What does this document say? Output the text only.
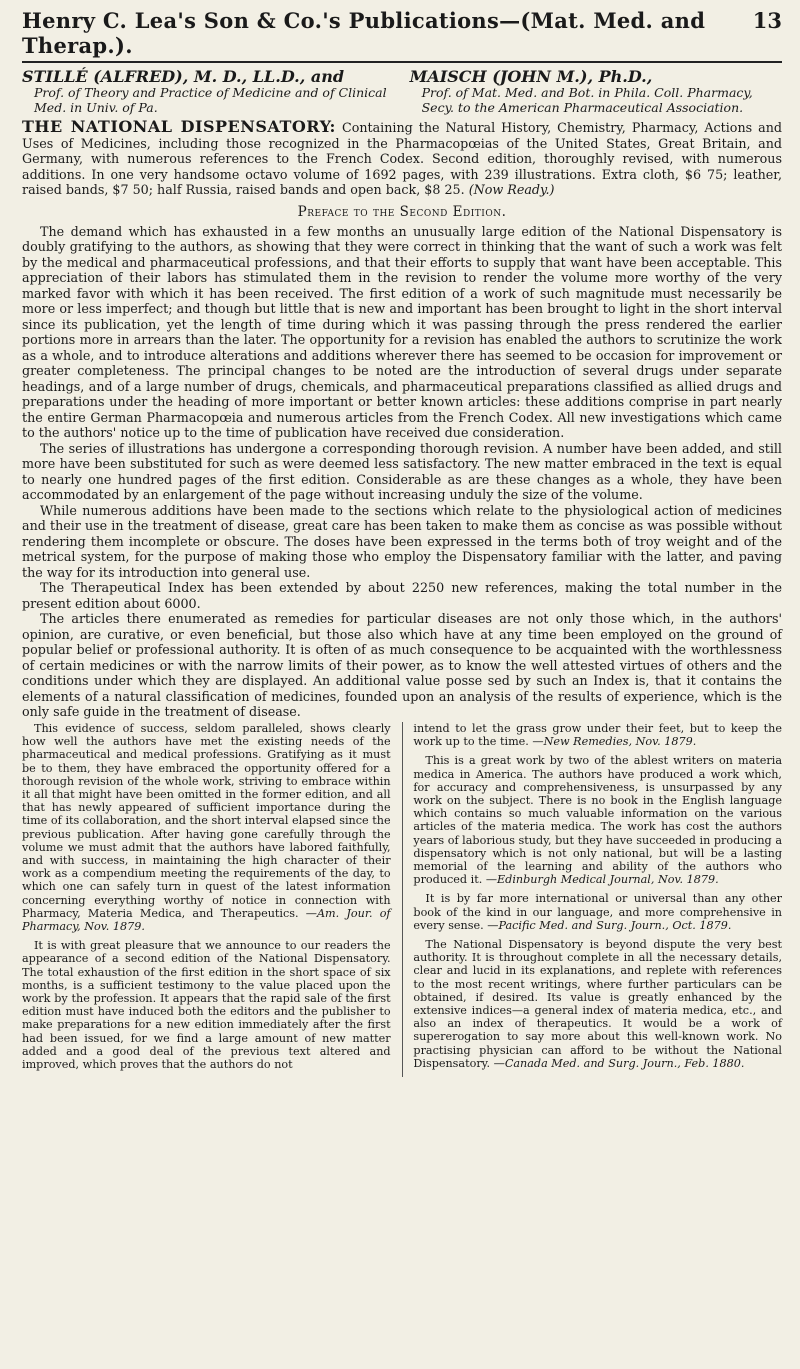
Henry C. Lea's Son & Co.'s Publications—(Mat. Med. and Therap.).
13
STILLÉ (ALFRED), M. D., LL.D., and
Prof. of Theory and Practice of Medicine and of Clinical Med. in Univ. of Pa.
MAISCH (JOHN M.), Ph.D.,
Prof. of Mat. Med. and Bot. in Phila. Coll. Pharmacy, Secy. to the American Pharmaceutical Association.

THE NATIONAL DISPENSATORY: Containing the Natural History, Chemistry, Pharmacy, Actions and Uses of Medicines, including those recognized in the Pharmacopœias of the United States, Great Britain, and Germany, with numerous references to the French Codex. Second edition, thoroughly revised, with numerous additions. In one very handsome octavo volume of 1692 pages, with 239 illustrations. Extra cloth, $6 75; leather, raised bands, $7 50; half Russia, raised bands and open back, $8 25. (Now Ready.)

Preface to the Second Edition.

The demand which has exhausted in a few months an unusually large edition of the National Dispensatory is doubly gratifying to the authors, as showing that they were correct in thinking that the want of such a work was felt by the medical and pharmaceutical professions, and that their efforts to supply that want have been acceptable. This appreciation of their labors has stimulated them in the revision to render the volume more worthy of the very marked favor with which it has been received. The first edition of a work of such magnitude must necessarily be more or less imperfect; and though but little that is new and important has been brought to light in the short interval since its publication, yet the length of time during which it was passing through the press rendered the earlier portions more in arrears than the later. The opportunity for a revision has enabled the authors to scrutinize the work as a whole, and to introduce alterations and additions wherever there has seemed to be occasion for improvement or greater completeness. The principal changes to be noted are the introduction of several drugs under separate headings, and of a large number of drugs, chemicals, and pharmaceutical preparations classified as allied drugs and preparations under the heading of more important or better known articles: these additions comprise in part nearly the entire German Pharmacopœia and numerous articles from the French Codex. All new investigations which came to the authors' notice up to the time of publication have received due consideration.

The series of illustrations has undergone a corresponding thorough revision. A number have been added, and still more have been substituted for such as were deemed less satisfactory. The new matter embraced in the text is equal to nearly one hundred pages of the first edition. Considerable as are these changes as a whole, they have been accommodated by an enlargement of the page without increasing unduly the size of the volume.

While numerous additions have been made to the sections which relate to the physiological action of medicines and their use in the treatment of disease, great care has been taken to make them as concise as was possible without rendering them incomplete or obscure. The doses have been expressed in the terms both of troy weight and of the metrical system, for the purpose of making those who employ the Dispensatory familiar with the latter, and paving the way for its introduction into general use.

The Therapeutical Index has been extended by about 2250 new references, making the total number in the present edition about 6000.

The articles there enumerated as remedies for particular diseases are not only those which, in the authors' opinion, are curative, or even beneficial, but those also which have at any time been employed on the ground of popular belief or professional authority. It is often of as much consequence to be acquainted with the worthlessness of certain medicines or with the narrow limits of their power, as to know the well attested virtues of others and the conditions under which they are displayed. An additional value posse sed by such an Index is, that it contains the elements of a natural classification of medicines, founded upon an analysis of the results of experience, which is the only safe guide in the treatment of disease.

This evidence of success, seldom paralleled, shows clearly how well the authors have met the existing needs of the pharmaceutical and medical professions. Gratifying as it must be to them, they have embraced the opportunity offered for a thorough revision of the whole work, striving to embrace within it all that might have been omitted in the former edition, and all that has newly appeared of sufficient importance during the time of its collaboration, and the short interval elapsed since the previous publication. After having gone carefully through the volume we must admit that the authors have labored faithfully, and with success, in maintaining the high character of their work as a compendium meeting the requirements of the day, to which one can safely turn in quest of the latest information concerning everything worthy of notice in connection with Pharmacy, Materia Medica, and Therapeutics. —Am. Jour. of Pharmacy, Nov. 1879.

It is with great pleasure that we announce to our readers the appearance of a second edition of the National Dispensatory. The total exhaustion of the first edition in the short space of six months, is a sufficient testimony to the value placed upon the work by the profession. It appears that the rapid sale of the first edition must have induced both the editors and the publisher to make preparations for a new edition immediately after the first had been issued, for we find a large amount of new matter added and a good deal of the previous text altered and improved, which proves that the authors do not

intend to let the grass grow under their feet, but to keep the work up to the time. —New Remedies, Nov. 1879.

This is a great work by two of the ablest writers on materia medica in America. The authors have produced a work which, for accuracy and comprehensiveness, is unsurpassed by any work on the subject. There is no book in the English language which contains so much valuable information on the various articles of the materia medica. The work has cost the authors years of laborious study, but they have succeeded in producing a dispensatory which is not only national, but will be a lasting memorial of the learning and ability of the authors who produced it. —Edinburgh Medical Journal, Nov. 1879.

It is by far more international or universal than any other book of the kind in our language, and more comprehensive in every sense. —Pacific Med. and Surg. Journ., Oct. 1879.

The National Dispensatory is beyond dispute the very best authority. It is throughout complete in all the necessary details, clear and lucid in its explanations, and replete with references to the most recent writings, where further particulars can be obtained, if desired. Its value is greatly enhanced by the extensive indices—a general index of materia medica, etc., and also an index of therapeutics. It would be a work of supererogation to say more about this well-known work. No practising physician can afford to be without the National Dispensatory. —Canada Med. and Surg. Journ., Feb. 1880.
